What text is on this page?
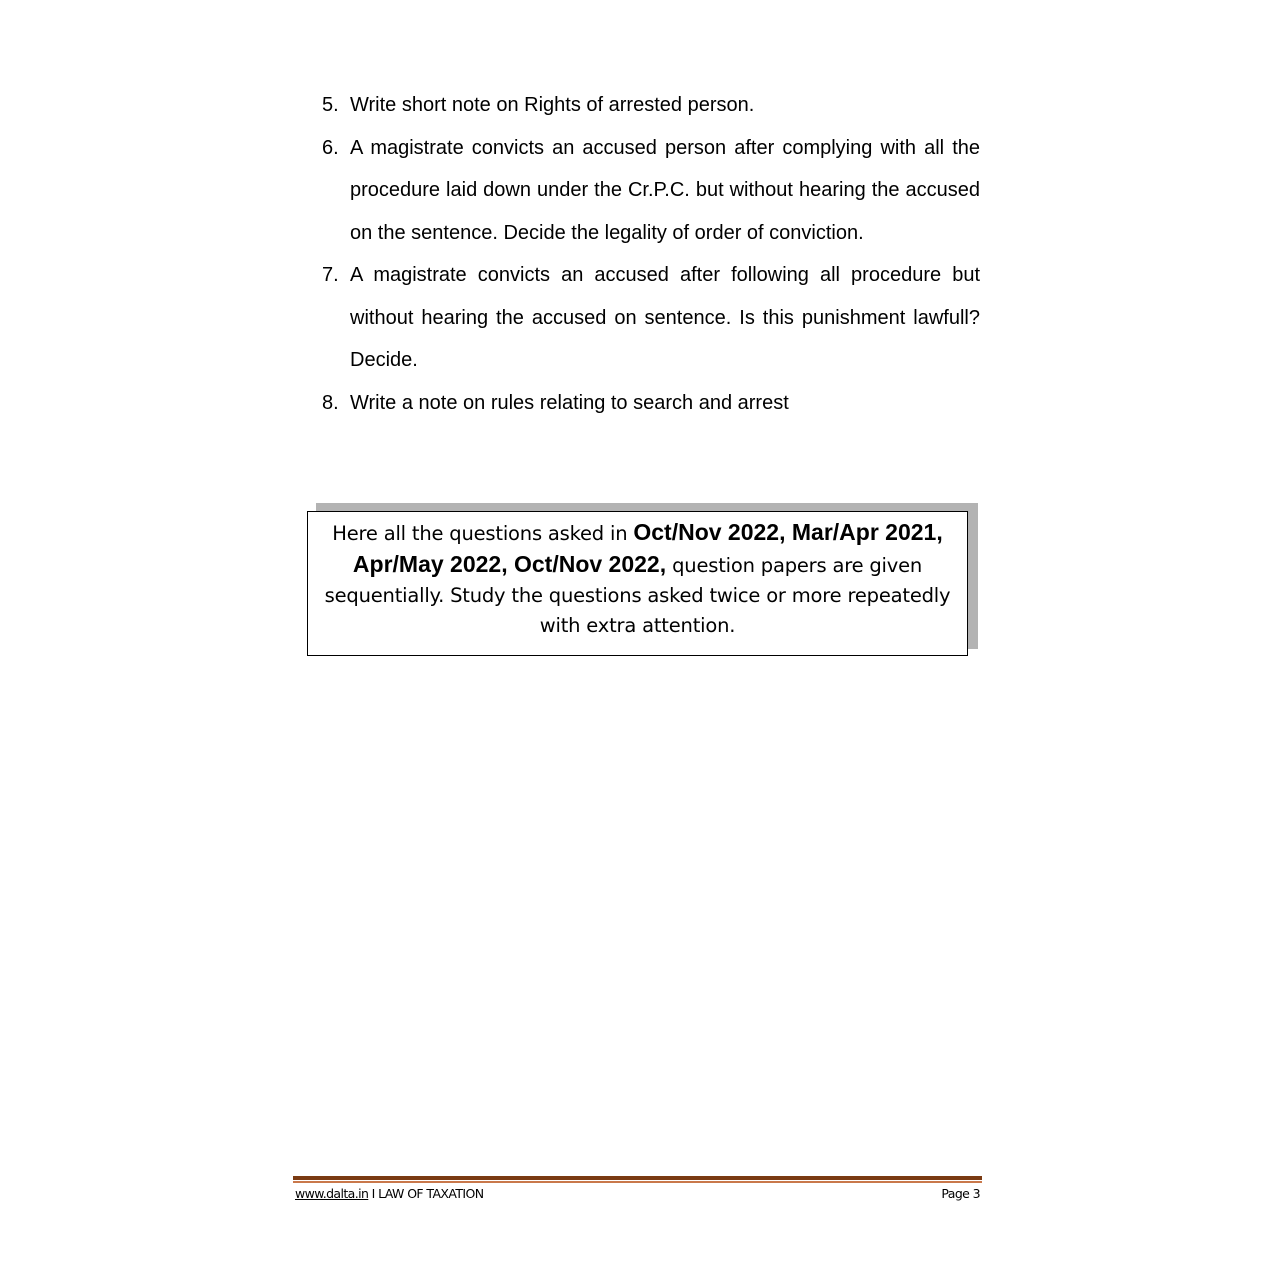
5. Write short note on Rights of arrested person.
6. A magistrate convicts an accused person after complying with all the procedure laid down under the Cr.P.C. but without hearing the accused on the sentence. Decide the legality of order of conviction.
7. A magistrate convicts an accused after following all procedure but without hearing the accused on sentence. Is this punishment lawfull? Decide.
8. Write a note on rules relating to search and arrest
Here all the questions asked in Oct/Nov 2022, Mar/Apr 2021, Apr/May 2022, Oct/Nov 2022, question papers are given sequentially. Study the questions asked twice or more repeatedly with extra attention.
www.dalta.in I LAW OF TAXATION	Page 3
